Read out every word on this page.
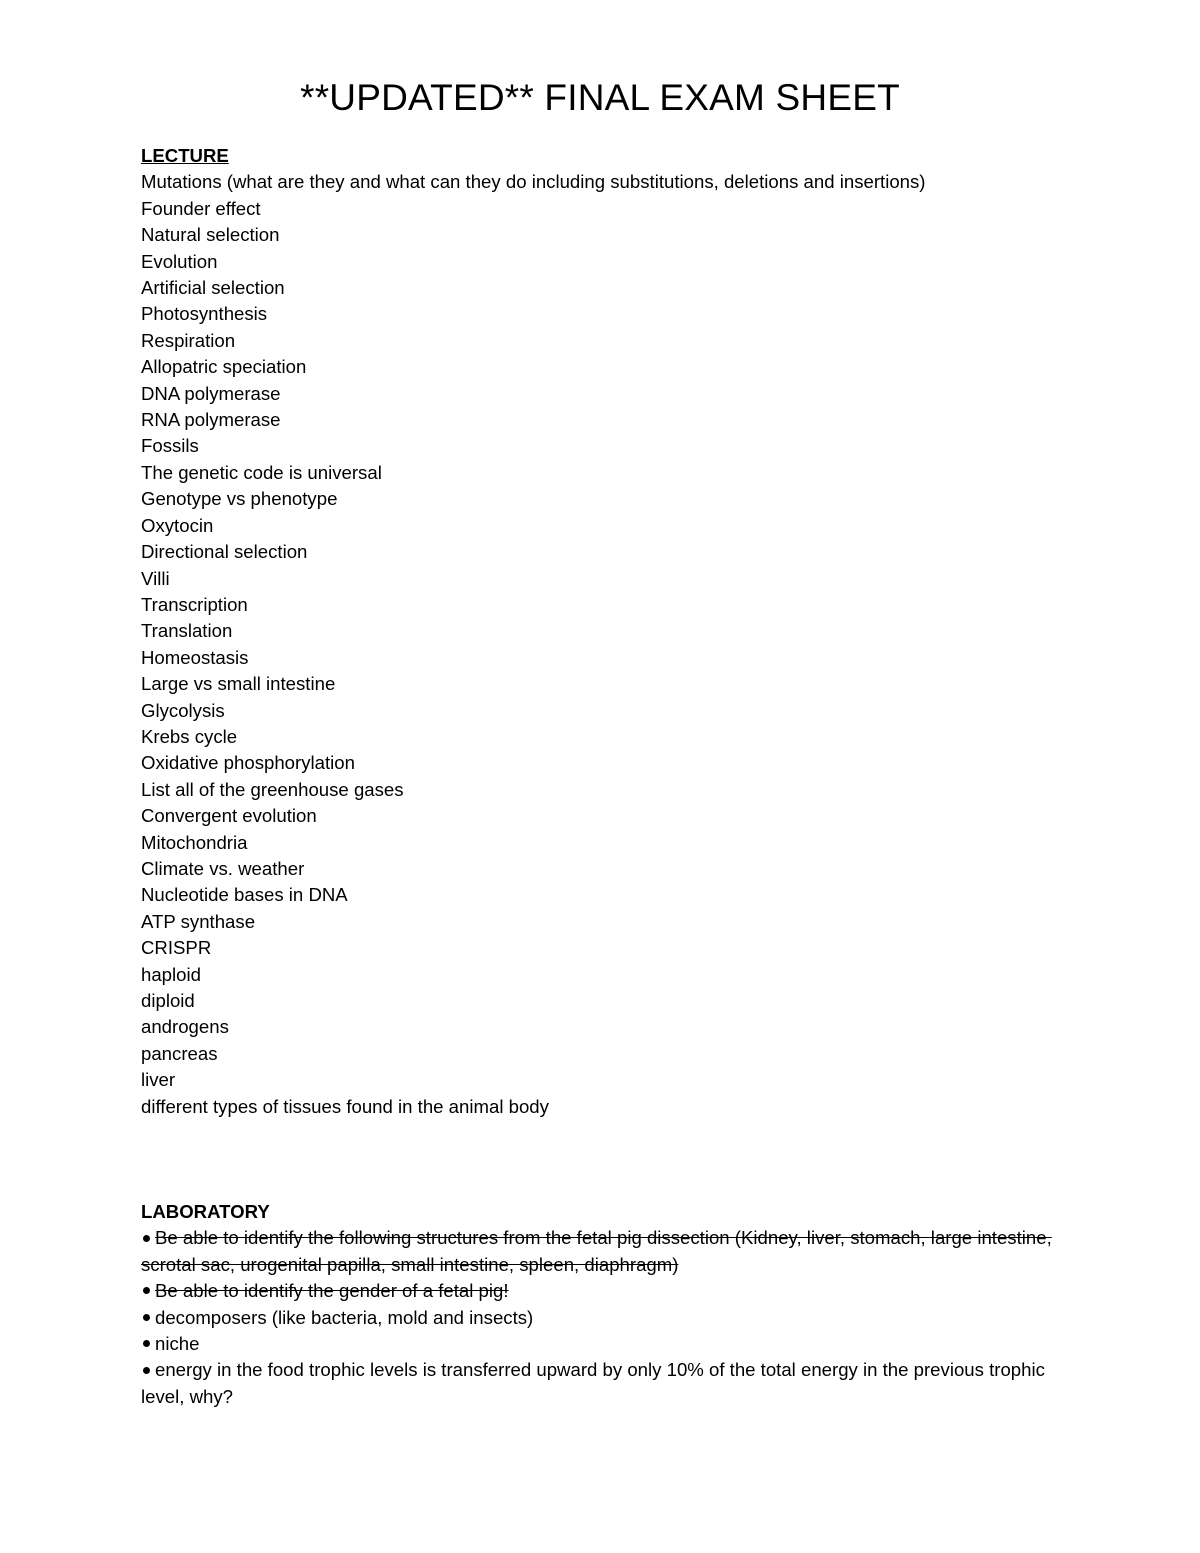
**UPDATED** FINAL EXAM SHEET

LECTURE

Mutations (what are they and what can they do including substitutions, deletions and insertions)
Founder effect
Natural selection
Evolution
Artificial selection
Photosynthesis
Respiration
Allopatric speciation
DNA polymerase
RNA polymerase
Fossils
The genetic code is universal
Genotype vs phenotype
Oxytocin
Directional selection
Villi
Transcription
Translation
Homeostasis
Large vs small intestine
Glycolysis
Krebs cycle
Oxidative phosphorylation
List all of the greenhouse gases
Convergent evolution
Mitochondria
Climate vs. weather
Nucleotide bases in DNA
ATP synthase
CRISPR
haploid
diploid
androgens
pancreas
liver
different types of tissues found in the animal body

LABORATORY

Be able to identify the following structures from the fetal pig dissection (Kidney, liver, stomach, large intestine, scrotal sac, urogenital papilla, small intestine, spleen, diaphragm)
Be able to identify the gender of a fetal pig!
decomposers (like bacteria, mold and insects)
niche
energy in the food trophic levels is transferred upward by only 10% of the total energy in the previous trophic level, why?
